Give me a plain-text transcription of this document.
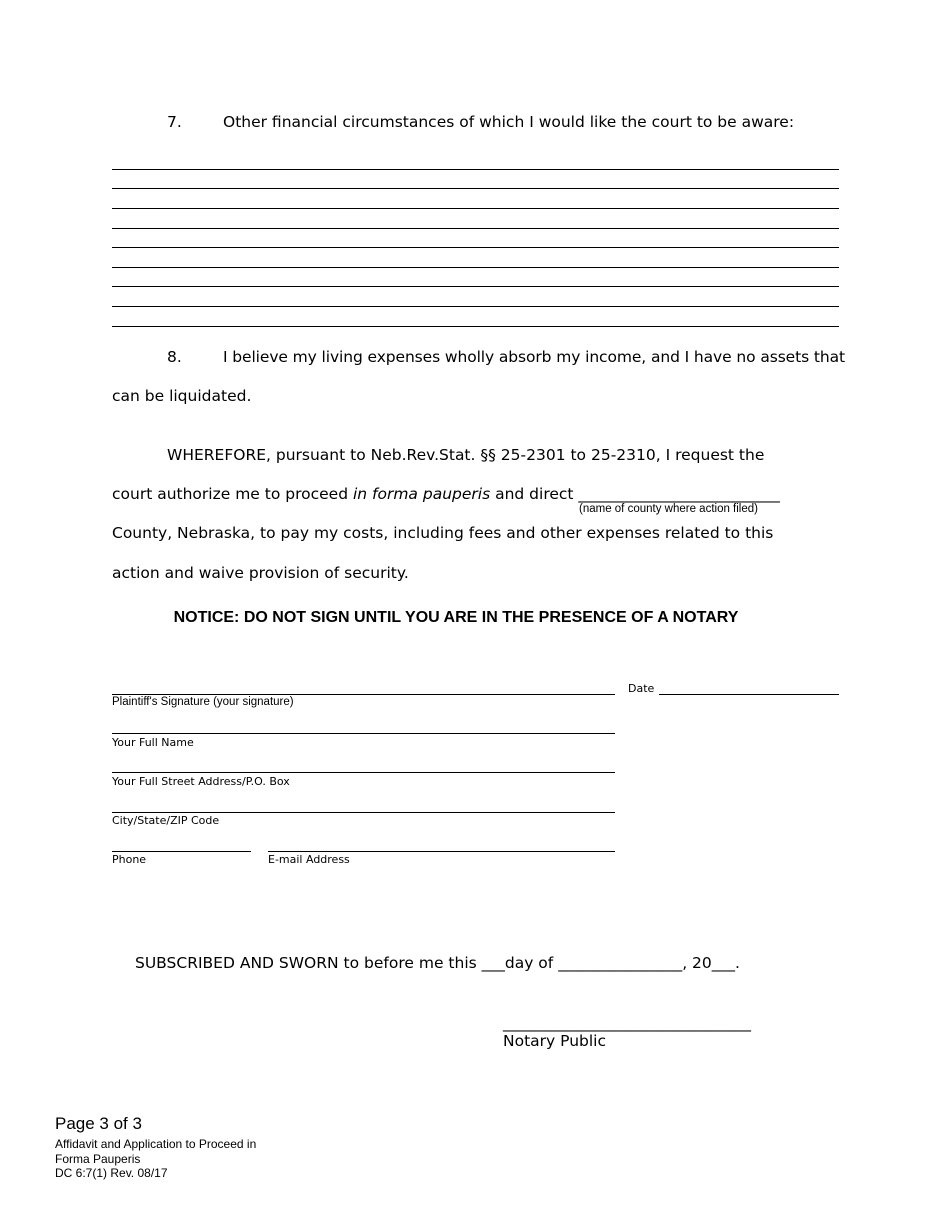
7.	Other financial circumstances of which I would like the court to be aware:
8.	I believe my living expenses wholly absorb my income, and I have no assets that
can be liquidated.
WHEREFORE, pursuant to Neb.Rev.Stat. §§ 25-2301 to 25-2310, I request the
court authorize me to proceed in forma pauperis and direct __________________________
(name of county where action filed)
County, Nebraska, to pay my costs, including fees and other expenses related to this
action and waive provision of security.
NOTICE: DO NOT SIGN UNTIL YOU ARE IN THE PRESENCE OF A NOTARY
Plaintiff's Signature (your signature)
Date
Your Full Name
Your Full Street Address/P.O. Box
City/State/ZIP Code
Phone	E-mail Address
SUBSCRIBED AND SWORN to before me this ___day of ________________, 20___.
________________________________
Notary Public
Page 3 of 3
Affidavit and Application to Proceed in
Forma Pauperis
DC 6:7(1) Rev. 08/17
